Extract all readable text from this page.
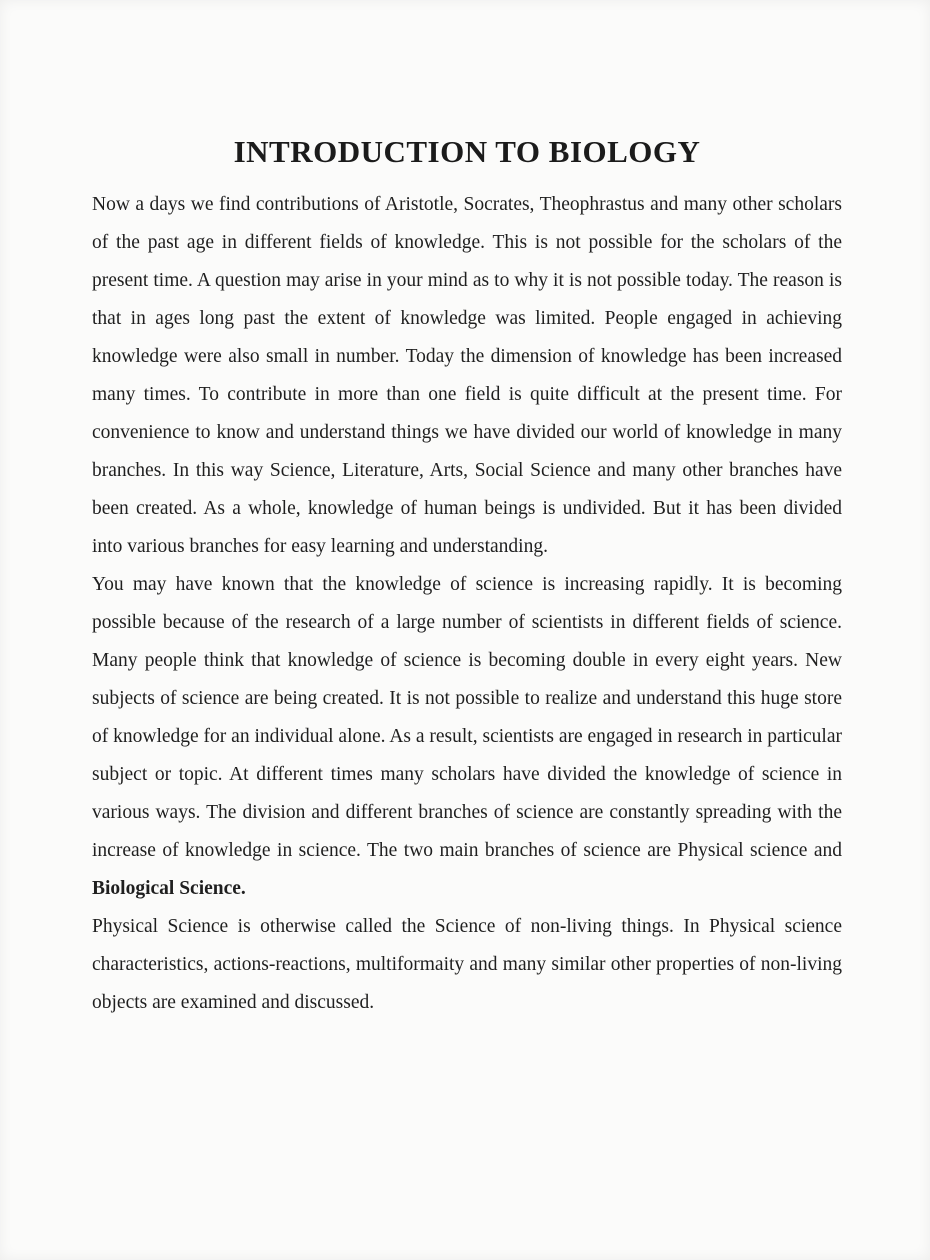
INTRODUCTION TO BIOLOGY

Now a days we find contributions of Aristotle, Socrates, Theophrastus and many other scholars of the past age in different fields of knowledge. This is not possible for the scholars of the present time. A question may arise in your mind as to why it is not possible today. The reason is that in ages long past the extent of knowledge was limited. People engaged in achieving knowledge were also small in number. Today the dimension of knowledge has been increased many times. To contribute in more than one field is quite difficult at the present time. For convenience to know and understand things we have divided our world of knowledge in many branches. In this way Science, Literature, Arts, Social Science and many other branches have been created. As a whole, knowledge of human beings is undivided. But it has been divided into various branches for easy learning and understanding.

You may have known that the knowledge of science is increasing rapidly. It is becoming possible because of the research of a large number of scientists in different fields of science. Many people think that knowledge of science is becoming double in every eight years. New subjects of science are being created. It is not possible to realize and understand this huge store of knowledge for an individual alone. As a result, scientists are engaged in research in particular subject or topic. At different times many scholars have divided the knowledge of science in various ways. The division and different branches of science are constantly spreading with the increase of knowledge in science. The two main branches of science are Physical science and Biological Science.

Physical Science is otherwise called the Science of non-living things. In Physical science characteristics, actions-reactions, multiformaity and many similar other properties of non-living objects are examined and discussed.
